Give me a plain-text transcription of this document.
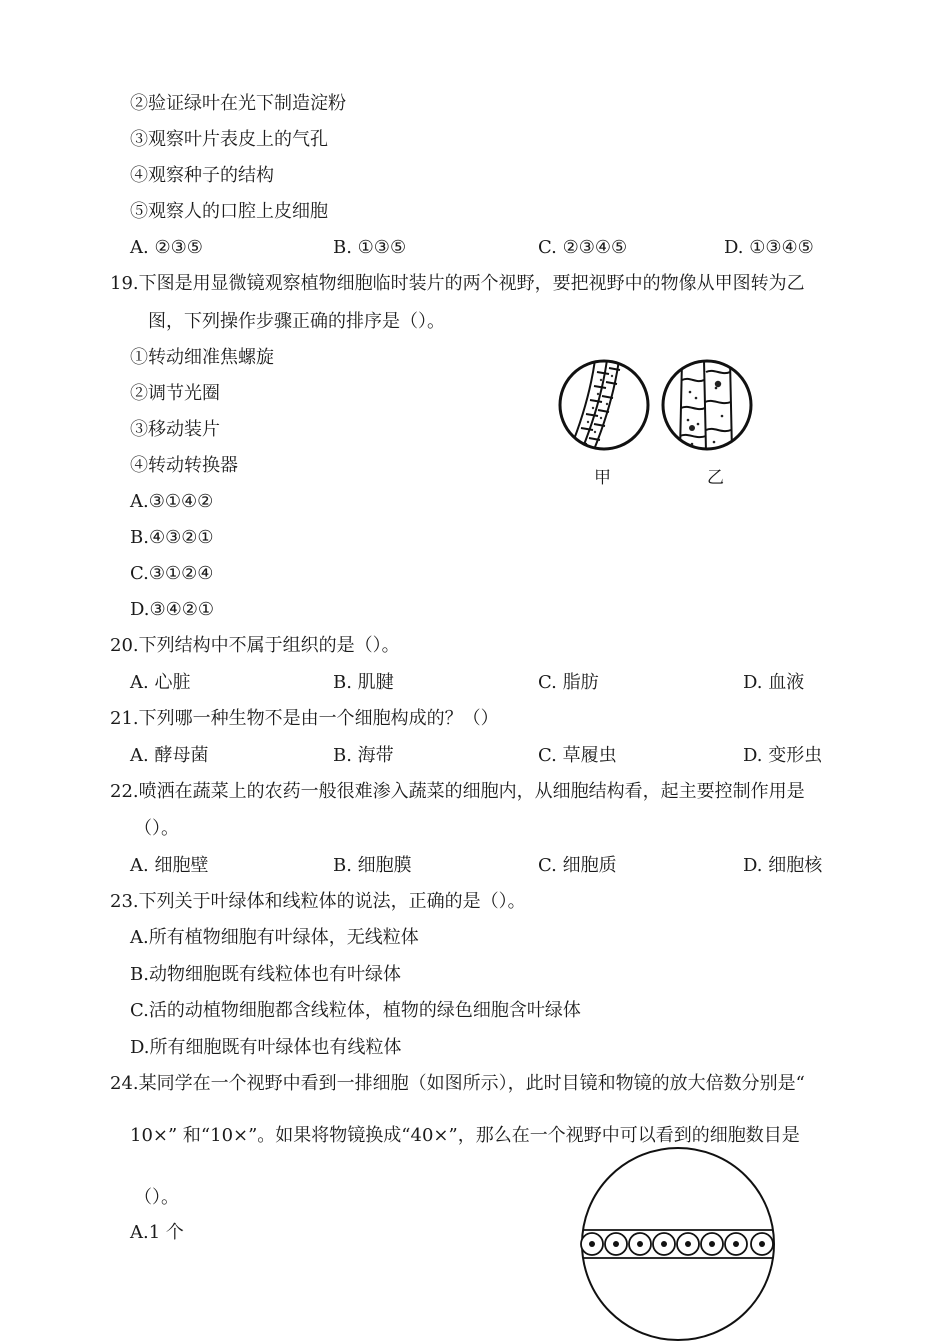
②验证绿叶在光下制造淀粉
③观察叶片表皮上的气孔
④观察种子的结构
⑤观察人的口腔上皮细胞
A. ②③⑤	B. ①③⑤	C. ②③④⑤	D. ①③④⑤
19.下图是用显微镜观察植物细胞临时装片的两个视野，要把视野中的物像从甲图转为乙
图，下列操作步骤正确的排序是（）。
①转动细准焦螺旋
②调节光圈
③移动装片
④转动转换器
A.③①④②
B.④③②①
C.③①②④
D.③④②①
甲	乙
20.下列结构中不属于组织的是（）。
A. 心脏	B. 肌腱	C. 脂肪	D. 血液
21.下列哪一种生物不是由一个细胞构成的？（）
A. 酵母菌	B. 海带	C. 草履虫	D. 变形虫
22.喷洒在蔬菜上的农药一般很难渗入蔬菜的细胞内，从细胞结构看，起主要控制作用是
（）。
A. 细胞壁	B. 细胞膜	C. 细胞质	D. 细胞核
23.下列关于叶绿体和线粒体的说法，正确的是（）。
A.所有植物细胞有叶绿体，无线粒体
B.动物细胞既有线粒体也有叶绿体
C.活的动植物细胞都含线粒体，植物的绿色细胞含叶绿体
D.所有细胞既有叶绿体也有线粒体
24.某同学在一个视野中看到一排细胞（如图所示），此时目镜和物镜的放大倍数分别是“
10×” 和“10×”。如果将物镜换成“40×”，那么在一个视野中可以看到的细胞数目是
（）。
A.1 个
